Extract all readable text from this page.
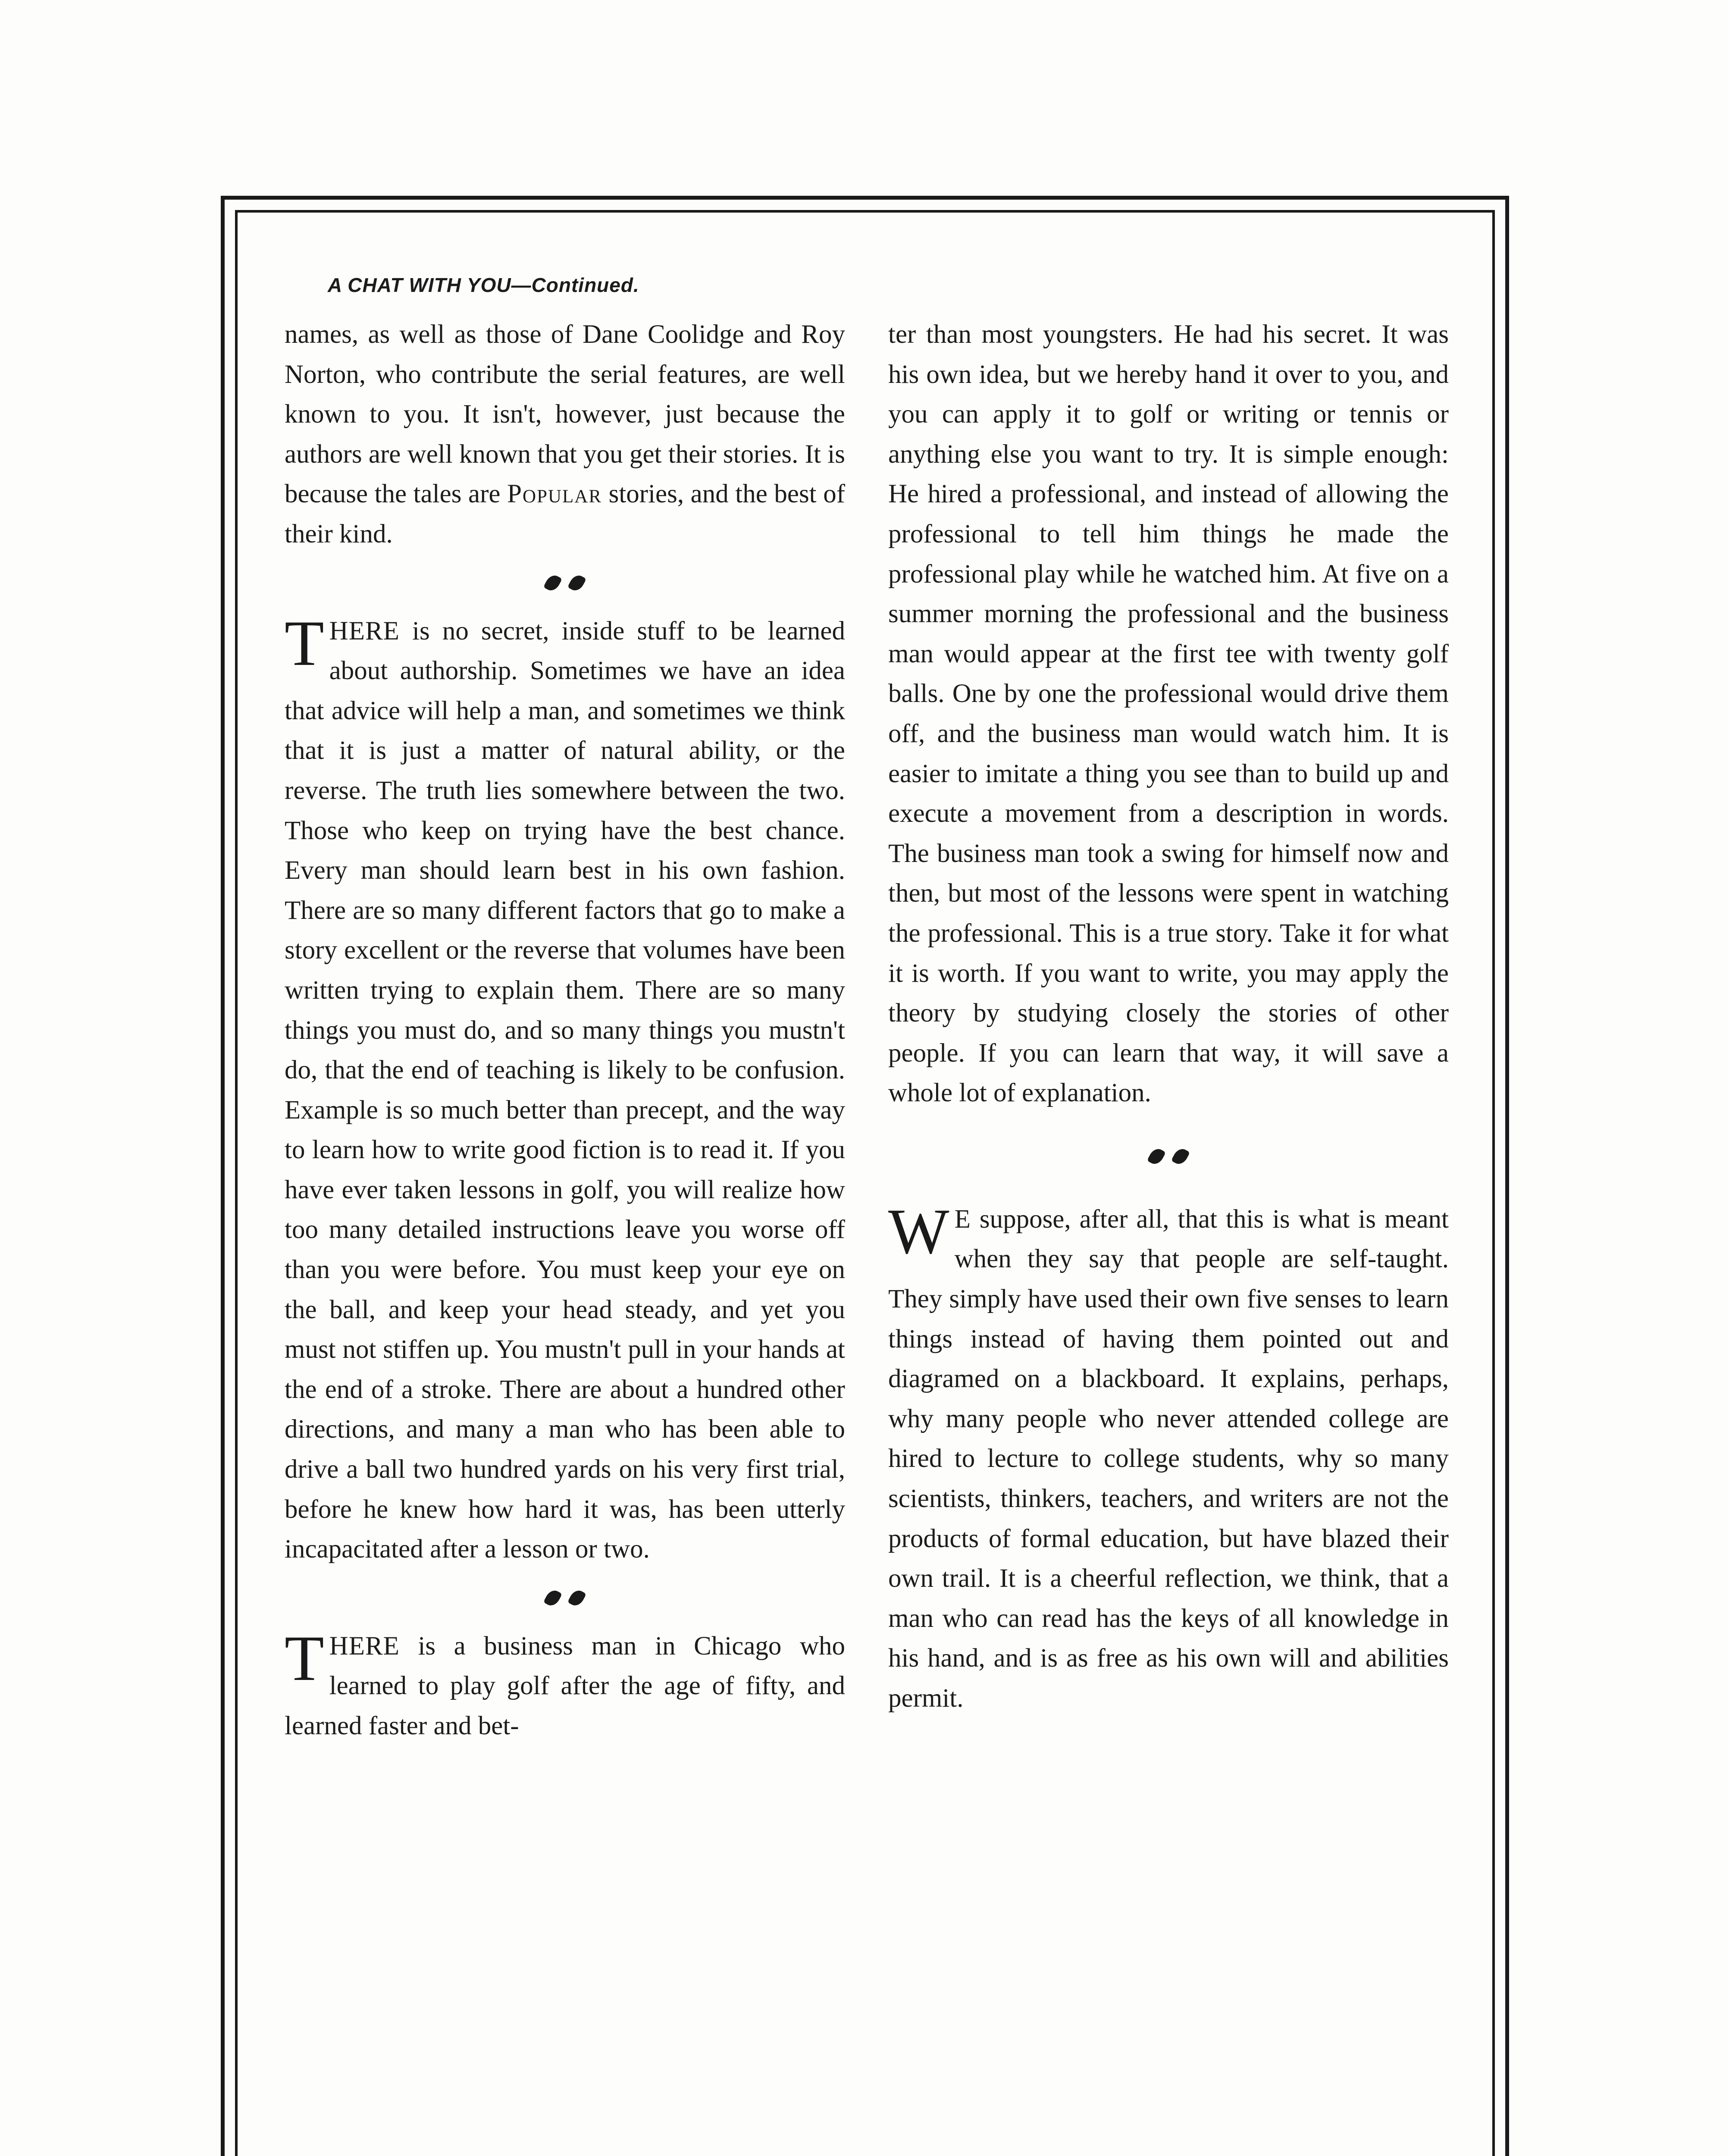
A CHAT WITH YOU—Continued.

names, as well as those of Dane Coolidge and Roy Norton, who contribute the serial features, are well known to you. It isn't, however, just because the authors are well known that you get their stories. It is because the tales are Popular stories, and the best of their kind.

THERE is no secret, inside stuff to be learned about authorship. Sometimes we have an idea that advice will help a man, and sometimes we think that it is just a matter of natural ability, or the reverse. The truth lies somewhere between the two. Those who keep on trying have the best chance. Every man should learn best in his own fashion. There are so many different factors that go to make a story excellent or the reverse that volumes have been written trying to explain them. There are so many things you must do, and so many things you mustn't do, that the end of teaching is likely to be confusion. Example is so much better than precept, and the way to learn how to write good fiction is to read it. If you have ever taken lessons in golf, you will realize how too many detailed instructions leave you worse off than you were before. You must keep your eye on the ball, and keep your head steady, and yet you must not stiffen up. You mustn't pull in your hands at the end of a stroke. There are about a hundred other directions, and many a man who has been able to drive a ball two hundred yards on his very first trial, before he knew how hard it was, has been utterly incapacitated after a lesson or two.

THERE is a business man in Chicago who learned to play golf after the age of fifty, and learned faster and bet-

ter than most youngsters. He had his secret. It was his own idea, but we hereby hand it over to you, and you can apply it to golf or writing or tennis or anything else you want to try. It is simple enough: He hired a professional, and instead of allowing the professional to tell him things he made the professional play while he watched him. At five on a summer morning the professional and the business man would appear at the first tee with twenty golf balls. One by one the professional would drive them off, and the business man would watch him. It is easier to imitate a thing you see than to build up and execute a movement from a description in words. The business man took a swing for himself now and then, but most of the lessons were spent in watching the professional. This is a true story. Take it for what it is worth. If you want to write, you may apply the theory by studying closely the stories of other people. If you can learn that way, it will save a whole lot of explanation.

W E suppose, after all, that this is what is meant when they say that people are self-taught. They simply have used their own five senses to learn things instead of having them pointed out and diagramed on a blackboard. It explains, perhaps, why many people who never attended college are hired to lecture to college students, why so many scientists, thinkers, teachers, and writers are not the products of formal education, but have blazed their own trail. It is a cheerful reflection, we think, that a man who can read has the keys of all knowledge in his hand, and is as free as his own will and abilities permit.
